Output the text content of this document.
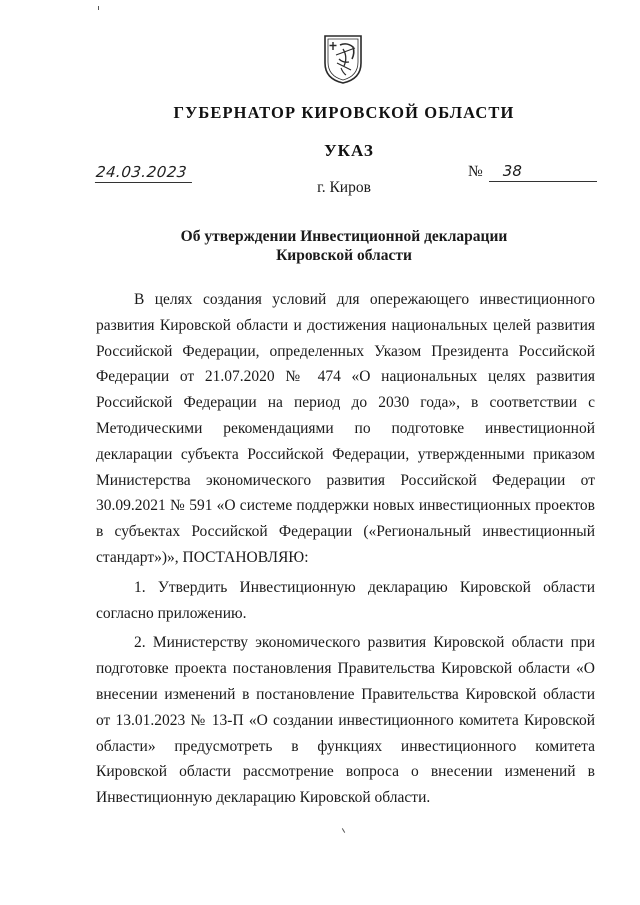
ГУБЕРНАТОР КИРОВСКОЙ ОБЛАСТИ
УКАЗ
24.03.2023	№ 38
г. Киров
Об утверждении Инвестиционной декларации
Кировской области

В целях создания условий для опережающего инвестиционного развития Кировской области и достижения национальных целей развития Российской Федерации, определенных Указом Президента Российской Федерации от 21.07.2020 № 474 «О национальных целях развития Российской Федерации на период до 2030 года», в соответствии с Методическими рекомендациями по подготовке инвестиционной декларации субъекта Российской Федерации, утвержденными приказом Министерства экономического развития Российской Федерации от 30.09.2021 № 591 «О системе поддержки новых инвестиционных проектов в субъектах Российской Федерации («Региональный инвестиционный стандарт»)», ПОСТАНОВЛЯЮ:

1. Утвердить Инвестиционную декларацию Кировской области согласно приложению.

2. Министерству экономического развития Кировской области при подготовке проекта постановления Правительства Кировской области «О внесении изменений в постановление Правительства Кировской области от 13.01.2023 № 13-П «О создании инвестиционного комитета Кировской области» предусмотреть в функциях инвестиционного комитета Кировской области рассмотрение вопроса о внесении изменений в Инвестиционную декларацию Кировской области.
